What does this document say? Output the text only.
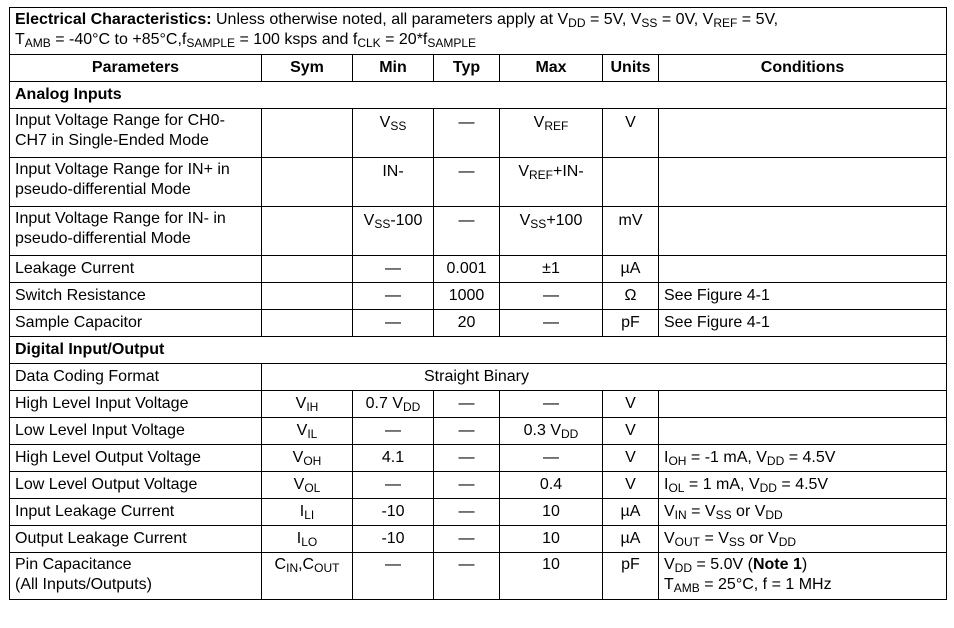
Electrical Characteristics: Unless otherwise noted, all parameters apply at $V_{DD} = 5V$, $V_{SS} = 0V$, $V_{REF} = 5V$,
$T_{AMB} = -40^\circ C$ to $+85^\circ C,f_{SAMPLE} = 100$ ksps and $f_{CLK} = 20*f_{SAMPLE}$
Parameters	Sym	Min	Typ	Max	Units	Conditions
Analog Inputs						
Input Voltage Range for CH0-
CH7 in Single-Ended Mode		$V_{SS}$	—	$V_{REF}$	V	
Input Voltage Range for IN+ in
pseudo-differential Mode		IN-	—	$V_{REF}+IN-$		
Input Voltage Range for IN- in
pseudo-differential Mode		$V_{SS}-100$	—	$V_{SS}+100$	mV	
Leakage Current		—	0.001	±1	µA	
Switch Resistance		—	1000	—	Ω	See Figure 4-1
Sample Capacitor		—	20	—	pF	See Figure 4-1
Digital Input/Output						
Data Coding Format	Straight Binary					
High Level Input Voltage	$V_{IH}$	0.7 $V_{DD}$	—	—	V	
Low Level Input Voltage	$V_{IL}$	—	—	0.3 $V_{DD}$	V	
High Level Output Voltage	$V_{OH}$	4.1	—	—	V	$I_{OH} = -1$ mA, $V_{DD} = 4.5V$
Low Level Output Voltage	$V_{OL}$	—	—	0.4	V	$I_{OL} = 1$ mA, $V_{DD} = 4.5V$
Input Leakage Current	$I_{LI}$	-10	—	10	µA	$V_{IN} = V_{SS}$ or $V_{DD}$
Output Leakage Current	$I_{LO}$	-10	—	10	µA	$V_{OUT} = V_{SS}$ or $V_{DD}$
Pin Capacitance
(All Inputs/Outputs)	$C_{IN},C_{OUT}$	—	—	10	pF	$V_{DD} = 5.0V$ (Note 1)
$T_{AMB} = 25^\circ C$, f = 1 MHz
